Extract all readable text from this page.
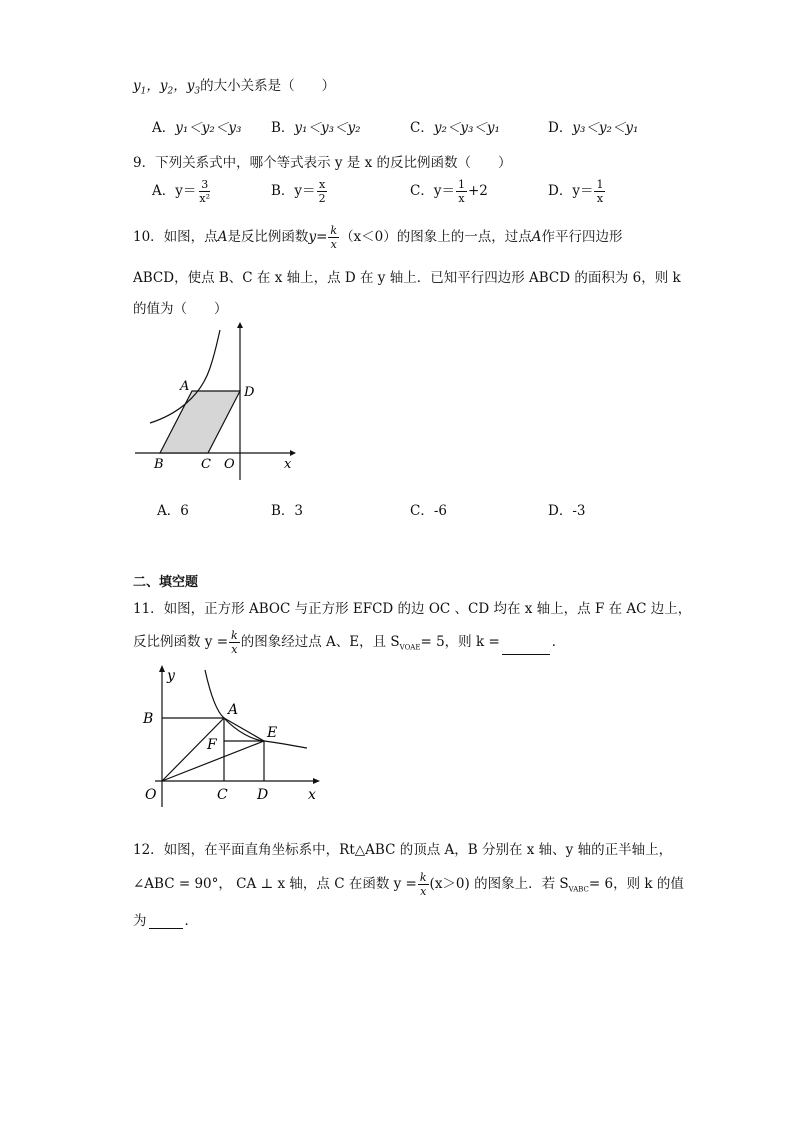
$y_1$，$y_2$，$y_3$的大小关系是（　　）
A．y₁＜y₂＜y₃ B．y₁＜y₃＜y₂	C．y₂＜y₃＜y₁	D．y₃＜y₂＜y₁
9．下列关系式中，哪个等式表示 y 是 x 的反比例函数（　　）
A．$y= \frac{3}{\text{x²}}$	B．$y= \frac{x}{2}$	C．$y= \frac{1}{x} +2$	D．$y= \frac{1}{x}$
10．如图，点A是反比例函数$y= \frac{k}{x} (x<0)$的图象上的一点，过点A作平行四边形
ABCD，使点 B、C 在 x 轴上，点 D 在 y 轴上．已知平行四边形 ABCD 的面积为 6，则 k
的值为（　　）
A	D
B	C O	x
A．6	B．3	C．-6	D．-3
二、填空题
11．如图，正方形 ABOC 与正方形 EFCD 的边 OC 、CD 均在 x 轴上，点 F 在 AC 边上，
反比例函数 $y = \frac{k}{x}$ 的图象经过点 A、E，且 $S_{VOAE}= 5$，则 k =	．
y
B
A
F
E
O	C D	x
12．如图，在平面直角坐标系中，Rt△ABC 的顶点 A，B 分别在 x 轴、y 轴的正半轴上，
∠ABC = 90°， CA ⊥ x 轴，点 C 在函数 $y = \frac{k}{x} (x>0)$ 的图象上．若 $S_{VABC}= 6$，则 k 的值
为	．
